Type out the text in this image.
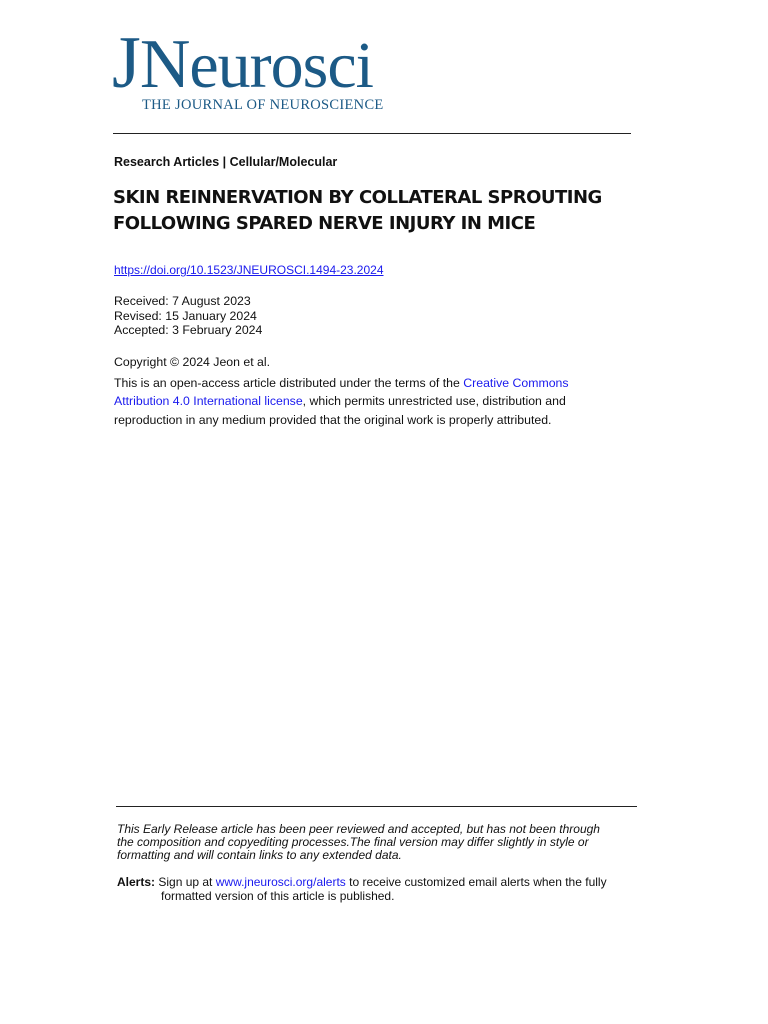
JNeurosci
THE JOURNAL OF NEUROSCIENCE
Research Articles | Cellular/Molecular
SKIN REINNERVATION BY COLLATERAL SPROUTING
FOLLOWING SPARED NERVE INJURY IN MICE
https://doi.org/10.1523/JNEUROSCI.1494-23.2024
Received: 7 August 2023
Revised: 15 January 2024
Accepted: 3 February 2024
Copyright © 2024 Jeon et al.
This is an open-access article distributed under the terms of the Creative Commons Attribution 4.0 International license, which permits unrestricted use, distribution and reproduction in any medium provided that the original work is properly attributed.
This Early Release article has been peer reviewed and accepted, but has not been through
the composition and copyediting processes.The final version may differ slightly in style or
formatting and will contain links to any extended data.
Alerts: Sign up at www.jneurosci.org/alerts to receive customized email alerts when the fully
formatted version of this article is published.
